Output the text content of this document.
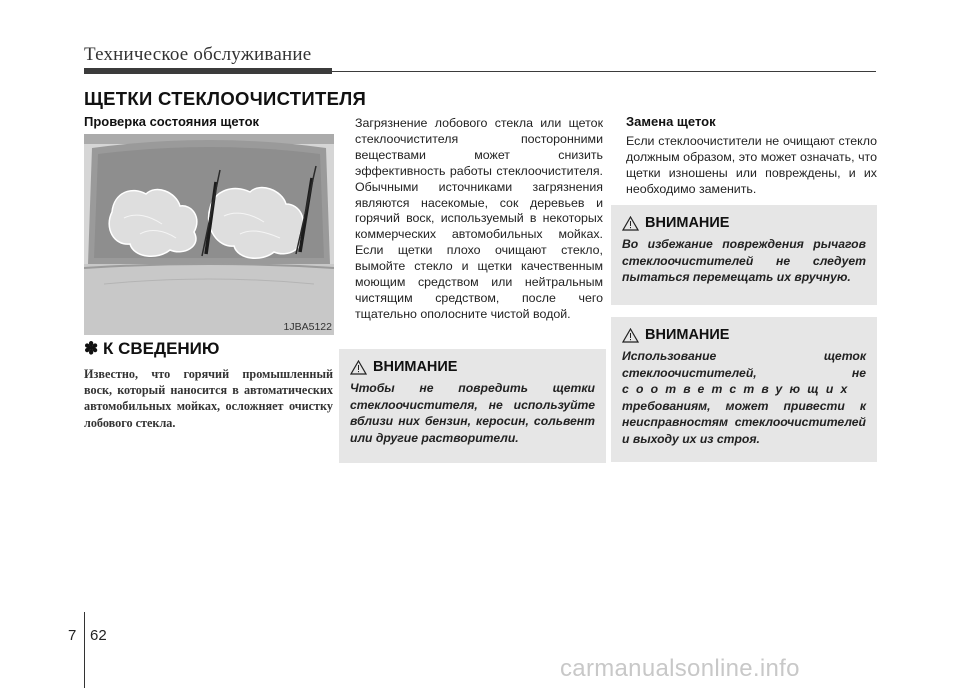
Техническое обслуживание
ЩЕТКИ СТЕКЛООЧИСТИТЕЛЯ
Проверка состояния щеток
1JBA5122
✽ К СВЕДЕНИЮ
Известно, что горячий промышленный воск, который наносится в автоматических автомобильных мойках, осложняет очистку лобового стекла.
Загрязнение лобового стекла или щеток стеклоочистителя посторонними веществами может снизить эффективность работы стеклоочистителя. Обычными источниками загрязнения являются насекомые, сок деревьев и горячий воск, используемый в некоторых коммерческих автомобильных мойках. Если щетки плохо очищают стекло, вымойте стекло и щетки качественным моющим средством или нейтральным чистящим средством, после чего тщательно ополосните чистой водой.
ВНИМАНИЕ
Чтобы не повредить щетки стеклоочистителя, не используйте вблизи них бензин, керосин, сольвент или другие растворители.
Замена щеток
Если стеклоочистители не очищают стекло должным образом, это может означать, что щетки изношены или повреждены, и их необходимо заменить.
ВНИМАНИЕ
Во избежание повреждения рычагов стеклоочистителей не следует пытаться перемещать их вручную.
ВНИМАНИЕ
Использование щеток стеклоочистителей, не соответствующих требованиям, может привести к неисправностям стеклоочистителей и выходу их из строя.
7 62
carmanualsonline.info
